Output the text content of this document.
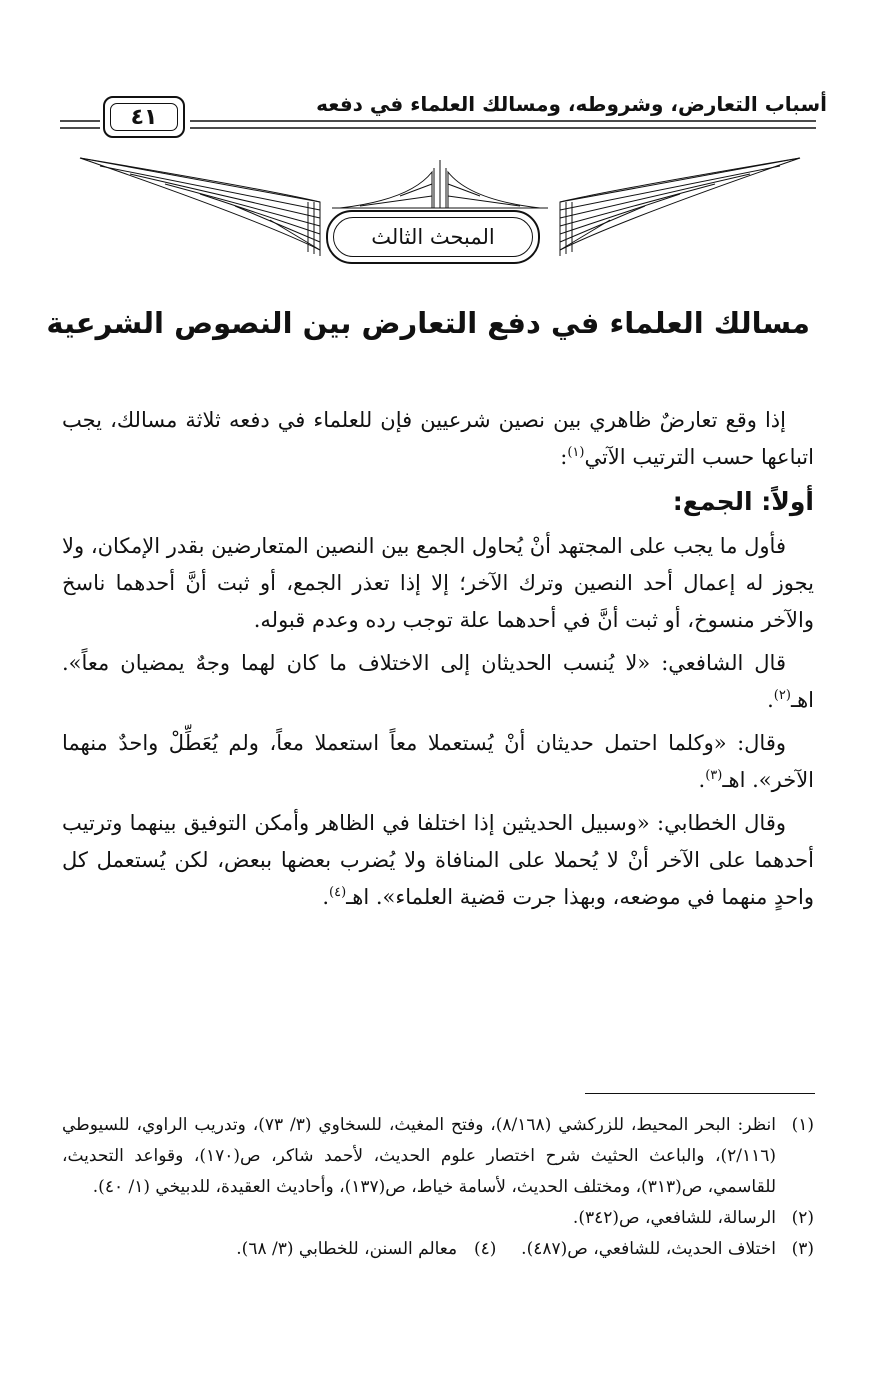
أسباب التعارض، وشروطه، ومسالك العلماء في دفعه
٤١
المبحث الثالث
مسالك العلماء في دفع التعارض بين النصوص الشرعية

إذا وقع تعارضٌ ظاهري بين نصين شرعيين فإن للعلماء في دفعه ثلاثة مسالك، يجب اتباعها حسب الترتيب الآتي$^{(١)}$:

أولاً: الجمع:

فأول ما يجب على المجتهد أنْ يُحاول الجمع بين النصين المتعارضين بقدر الإمكان، ولا يجوز له إعمال أحد النصين وترك الآخر؛ إلا إذا تعذر الجمع، أو ثبت أنَّ أحدهما ناسخ والآخر منسوخ، أو ثبت أنَّ في أحدهما علة توجب رده وعدم قبوله.

قال الشافعي: «لا يُنسب الحديثان إلى الاختلاف ما كان لهما وجهٌ يمضيان معاً». اهـ$^{(٢)}$.

وقال: «وكلما احتمل حديثان أنْ يُستعملا معاً استعملا معاً، ولم يُعَطِّلْ واحدٌ منهما الآخر». اهـ$^{(٣)}$.

وقال الخطابي: «وسبيل الحديثين إذا اختلفا في الظاهر وأمكن التوفيق بينهما وترتيب أحدهما على الآخر أنْ لا يُحملا على المنافاة ولا يُضرب بعضها ببعض، لكن يُستعمل كل واحدٍ منهما في موضعه، وبهذا جرت قضية العلماء». اهـ$^{(٤)}$.

(١)
انظر: البحر المحيط، للزركشي (٨/١٦٨)، وفتح المغيث، للسخاوي (٣/ ٧٣)، وتدريب الراوي، للسيوطي (٢/١١٦)، والباعث الحثيث شرح اختصار علوم الحديث، لأحمد شاكر، ص(١٧٠)، وقواعد التحديث، للقاسمي، ص(٣١٣)، ومختلف الحديث، لأسامة خياط، ص(١٣٧)، وأحاديث العقيدة، للدبيخي (١/ ٤٠).
(٢)
الرسالة، للشافعي، ص(٣٤٢).
(٣)
اختلاف الحديث، للشافعي، ص(٤٨٧).  (٤)  معالم السنن، للخطابي (٣/ ٦٨).
